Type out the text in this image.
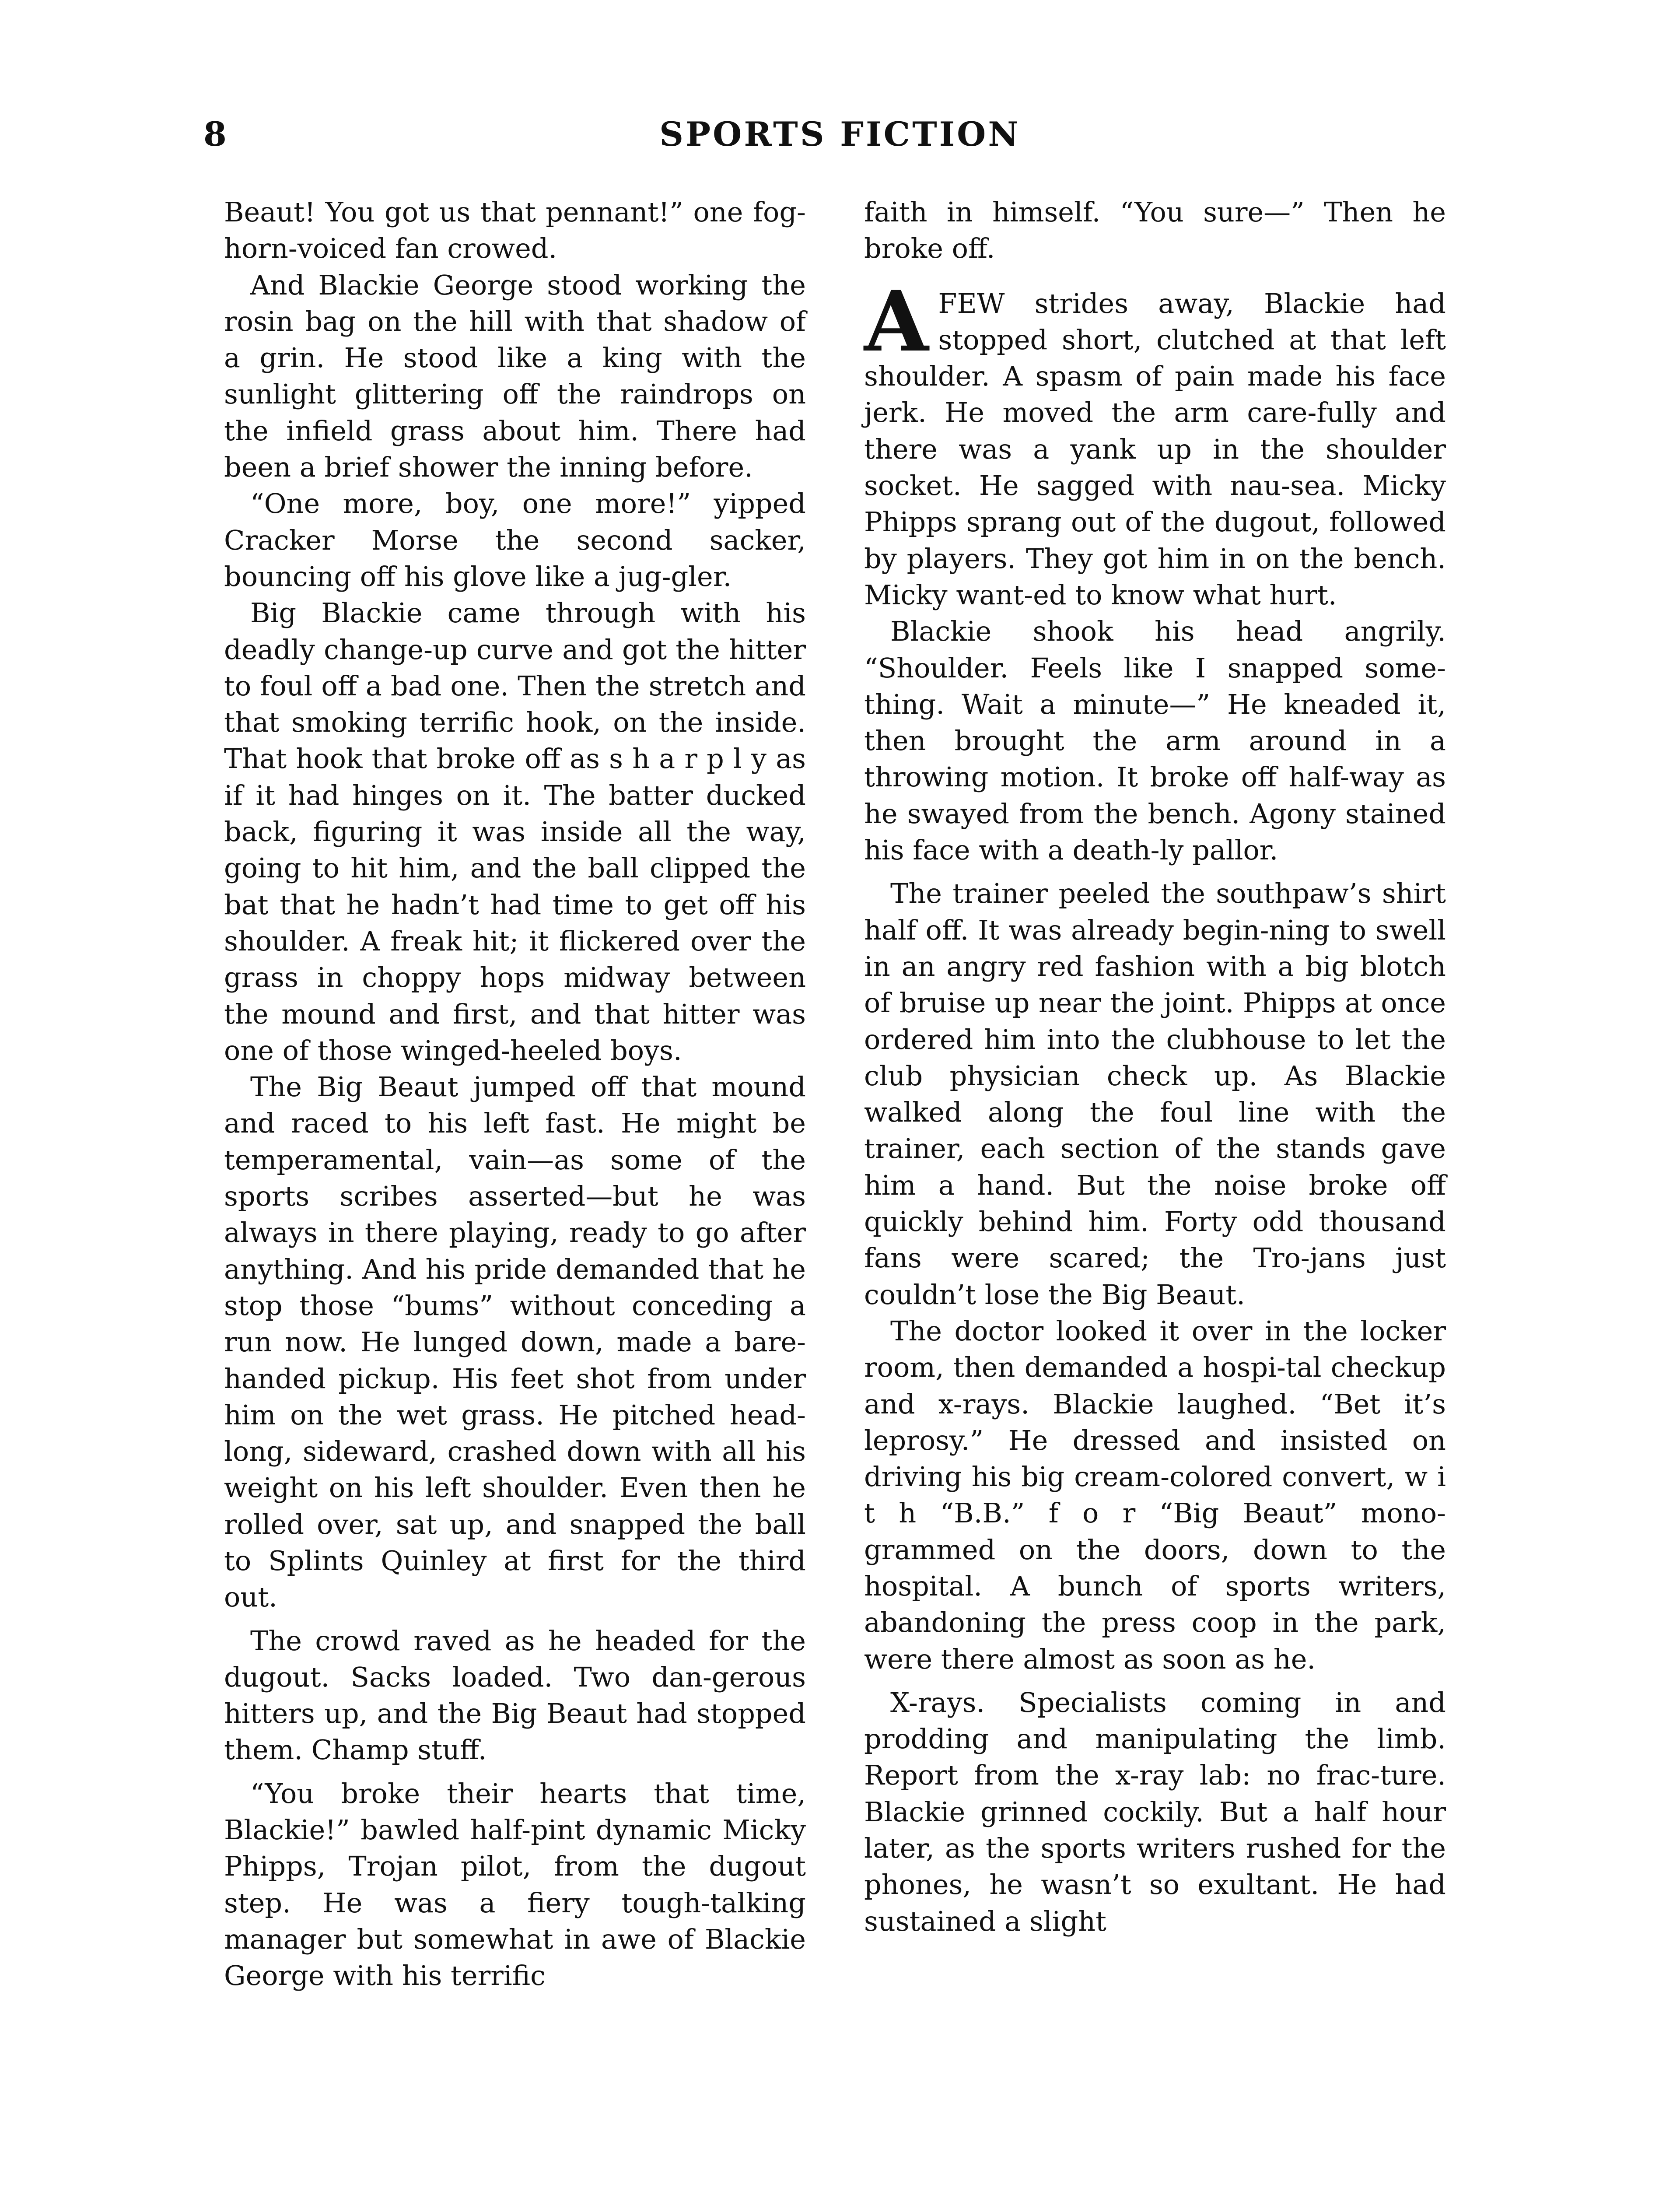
8	SPORTS FICTION

Beaut! You got us that pennant!” one fog-horn-voiced fan crowed.

And Blackie George stood working the rosin bag on the hill with that shadow of a grin. He stood like a king with the sunlight glittering off the raindrops on the infield grass about him. There had been a brief shower the inning before.

“One more, boy, one more!” yipped Cracker Morse the second sacker, bouncing off his glove like a jug-gler.

Big Blackie came through with his deadly change-up curve and got the hitter to foul off a bad one. Then the stretch and that smoking terrific hook, on the inside. That hook that broke off as s h a r p l y as if it had hinges on it. The batter ducked back, figuring it was inside all the way, going to hit him, and the ball clipped the bat that he hadn’t had time to get off his shoulder. A freak hit; it flickered over the grass in choppy hops midway between the mound and first, and that hitter was one of those winged-heeled boys.

The Big Beaut jumped off that mound and raced to his left fast. He might be temperamental, vain—as some of the sports scribes asserted—but he was always in there playing, ready to go after anything. And his pride demanded that he stop those “bums” without conceding a run now. He lunged down, made a bare-handed pickup. His feet shot from under him on the wet grass. He pitched head-long, sideward, crashed down with all his weight on his left shoulder. Even then he rolled over, sat up, and snapped the ball to Splints Quinley at first for the third out.

The crowd raved as he headed for the dugout. Sacks loaded. Two dan-gerous hitters up, and the Big Beaut had stopped them. Champ stuff.

“You broke their hearts that time, Blackie!” bawled half-pint dynamic Micky Phipps, Trojan pilot, from the dugout step. He was a fiery tough-talking manager but somewhat in awe of Blackie George with his terrific

faith in himself. “You sure—” Then he broke off.

A FEW strides away, Blackie had stopped short, clutched at that left shoulder. A spasm of pain made his face jerk. He moved the arm care-fully and there was a yank up in the shoulder socket. He sagged with nau-sea. Micky Phipps sprang out of the dugout, followed by players. They got him in on the bench. Micky want-ed to know what hurt.

Blackie shook his head angrily. “Shoulder. Feels like I snapped some-thing. Wait a minute—” He kneaded it, then brought the arm around in a throwing motion. It broke off half-way as he swayed from the bench. Agony stained his face with a death-ly pallor.

The trainer peeled the southpaw’s shirt half off. It was already begin-ning to swell in an angry red fashion with a big blotch of bruise up near the joint. Phipps at once ordered him into the clubhouse to let the club physician check up. As Blackie walked along the foul line with the trainer, each section of the stands gave him a hand. But the noise broke off quickly behind him. Forty odd thousand fans were scared; the Tro-jans just couldn’t lose the Big Beaut.

The doctor looked it over in the locker room, then demanded a hospi-tal checkup and x-rays. Blackie laughed. “Bet it’s leprosy.” He dressed and insisted on driving his big cream-colored convert, w i t h “B.B.” f o r “Big Beaut” mono-grammed on the doors, down to the hospital. A bunch of sports writers, abandoning the press coop in the park, were there almost as soon as he.

X-rays. Specialists coming in and prodding and manipulating the limb. Report from the x-ray lab: no frac-ture. Blackie grinned cockily. But a half hour later, as the sports writers rushed for the phones, he wasn’t so exultant. He had sustained a slight
